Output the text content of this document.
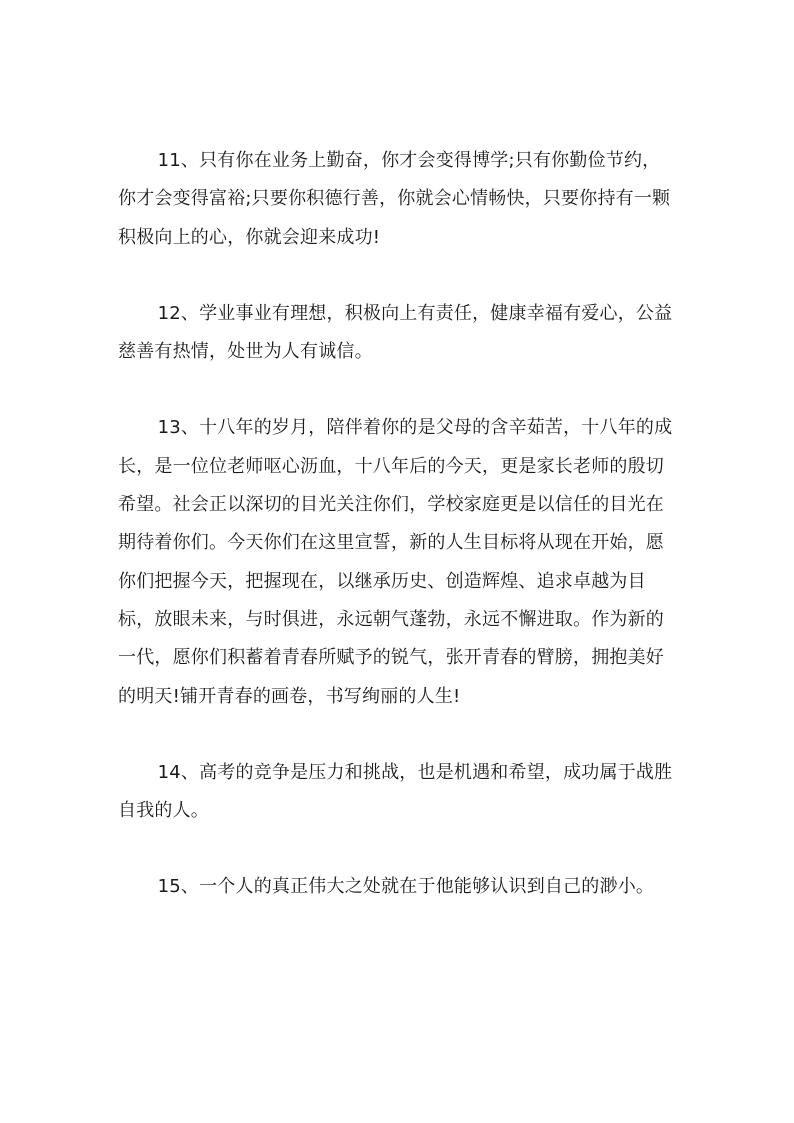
11、只有你在业务上勤奋，你才会变得博学;只有你勤俭节约，你才会变得富裕;只要你积德行善，你就会心情畅快，只要你持有一颗积极向上的心，你就会迎来成功!

12、学业事业有理想，积极向上有责任，健康幸福有爱心，公益慈善有热情，处世为人有诚信。

13、十八年的岁月，陪伴着你的是父母的含辛茹苦，十八年的成长，是一位位老师呕心沥血，十八年后的今天，更是家长老师的殷切希望。社会正以深切的目光关注你们，学校家庭更是以信任的目光在期待着你们。今天你们在这里宣誓，新的人生目标将从现在开始，愿你们把握今天，把握现在，以继承历史、创造辉煌、追求卓越为目标，放眼未来，与时俱进，永远朝气蓬勃，永远不懈进取。作为新的一代，愿你们积蓄着青春所赋予的锐气，张开青春的臂膀，拥抱美好的明天!铺开青春的画卷，书写绚丽的人生!

14、高考的竞争是压力和挑战，也是机遇和希望，成功属于战胜自我的人。

15、一个人的真正伟大之处就在于他能够认识到自己的渺小。
